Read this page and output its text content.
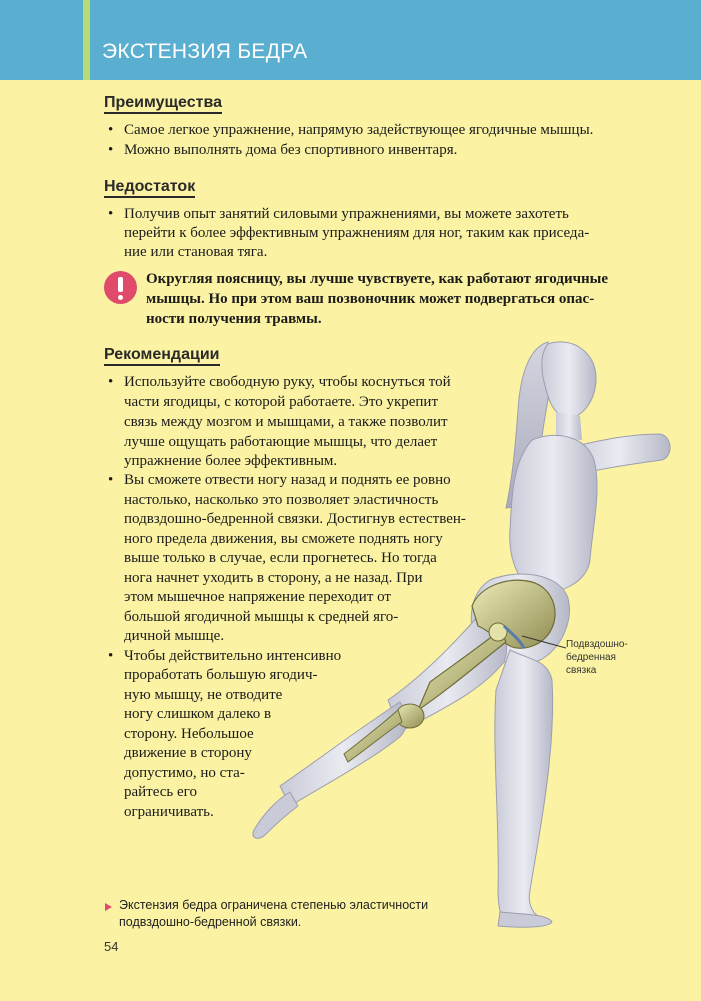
ЭКСТЕНЗИЯ БЕДРА
Преимущества
• Самое легкое упражнение, напрямую задействующее ягодичные мышцы.
• Можно выполнять дома без спортивного инвентаря.
Недостаток
• Получив опыт занятий силовыми упражнениями, вы можете захотеть
перейти к более эффективным упражнениям для ног, таким как приседа-
ние или становая тяга.
Округляя поясницу, вы лучше чувствуете, как работают ягодичные
мышцы. Но при этом ваш позвоночник может подвергаться опас-
ности получения травмы.
Рекомендации
• Используйте свободную руку, чтобы коснуться той
части ягодицы, с которой работаете. Это укрепит
связь между мозгом и мышцами, а также позволит
лучше ощущать работающие мышцы, что делает
упражнение более эффективным.
• Вы сможете отвести ногу назад и поднять ее ровно
настолько, насколько это позволяет эластичность
подвздошно-бедренной связки. Достигнув естествен-
ного предела движения, вы сможете поднять ногу
выше только в случае, если прогнетесь. Но тогда
нога начнет уходить в сторону, а не назад. При
этом мышечное напряжение переходит от
большой ягодичной мышцы к средней яго-
дичной мышце.
• Чтобы действительно интенсивно
проработать большую ягодич-
ную мышцу, не отводите
ногу слишком далеко в
сторону. Небольшое
движение в сторону
допустимо, но ста-
райтесь его
ограничивать.
Подвздошно-
бедренная
связка
Экстензия бедра ограничена степенью эластичности
подвздошно-бедренной связки.
54
